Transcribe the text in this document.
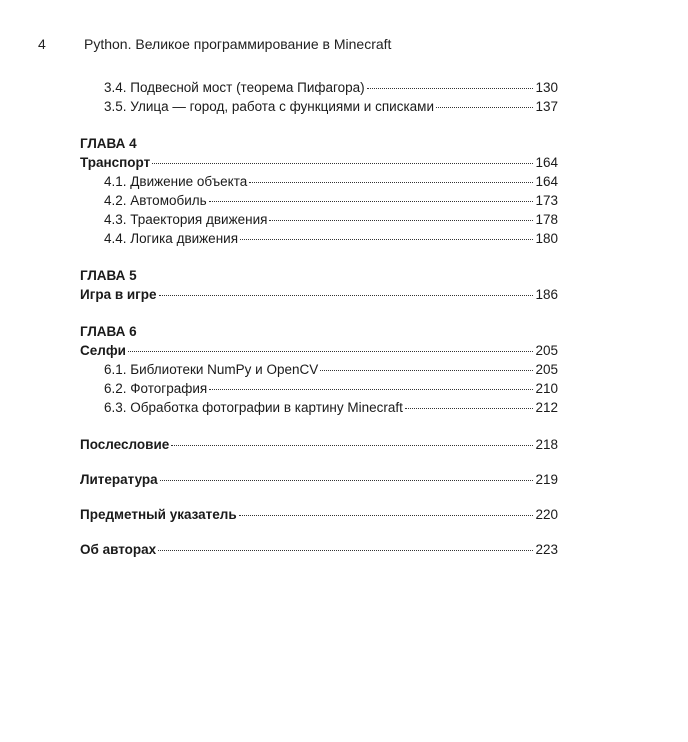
4	Python. Великое программирование в Minecraft
3.4. Подвесной мост (теорема Пифагора)	130
3.5. Улица — город, работа с функциями и списками	137
ГЛАВА 4
Транспорт	164
4.1. Движение объекта	164
4.2. Автомобиль	173
4.3. Траектория движения	178
4.4. Логика движения	180
ГЛАВА 5
Игра в игре	186
ГЛАВА 6
Селфи	205
6.1. Библиотеки NumPy и OpenCV	205
6.2. Фотография	210
6.3. Обработка фотографии в картину Minecraft	212
Послесловие	218
Литература	219
Предметный указатель	220
Об авторах	223
